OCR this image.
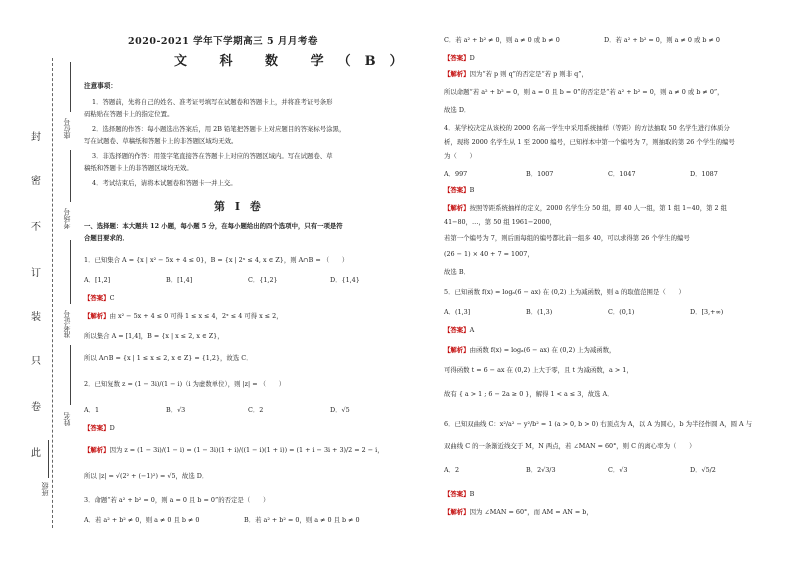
封
密
不
订
装
只
卷
此
座位号
考场号
准考证号
姓名
班级
2020-2021 学年下学期高三 5 月月考卷
文 科 数 学（B）
注意事项：
1．答题前，先将自己的姓名、准考证号填写在试题卷和答题卡上，并将准考证号条形
码粘贴在答题卡上的指定位置。
2．选择题的作答：每小题选出答案后，用 2B 铅笔把答题卡上对应题目的答案标号涂黑，
写在试题卷、草稿纸和答题卡上的非答题区域均无效。
3．非选择题的作答：用签字笔直接答在答题卡上对应的答题区域内。写在试题卷、草
稿纸和答题卡上的非答题区域均无效。
4．考试结束后，请将本试题卷和答题卡一并上交。
第 Ⅰ 卷
一、选择题：本大题共 12 小题，每小题 5 分，在每小题给出的四个选项中，只有一项是符
合题目要求的．
1．已知集合 A = {x | x² − 5x + 4 ≤ 0}，B = {x | 2ˣ ≤ 4, x ∈ Z}，则 A∩B = （　　）
A．[1,2]	B．[1,4]	C．{1,2}	D．{1,4}
【答案】C
【解析】由 x² − 5x + 4 ≤ 0 可得 1 ≤ x ≤ 4，2ˣ ≤ 4 可得 x ≤ 2，
所以集合 A = [1,4]，B = {x | x ≤ 2, x ∈ Z}，
所以 A∩B = {x | 1 ≤ x ≤ 2, x ∈ Z} = {1,2}，故选 C．
2．已知复数 z = (1 − 3i)/(1 − i)（i 为虚数单位），则 |z| = （　　）
A．1	B．√3	C．2	D．√5
【答案】D
【解析】因为 z = (1 − 3i)/(1 − i) = (1 − 3i)(1 + i)/((1 − i)(1 + i)) = (1 + i − 3i + 3)/2 = 2 − i，
所以 |z| = √(2² + (−1)²) = √5，故选 D．
3．命题“若 a² + b² = 0，则 a = 0 且 b = 0”的否定是（　　）
A．若 a² + b² ≠ 0，则 a ≠ 0 且 b ≠ 0	B．若 a² + b² = 0，则 a ≠ 0 且 b ≠ 0
C．若 a² + b² ≠ 0，则 a ≠ 0 或 b ≠ 0	D．若 a² + b² = 0，则 a ≠ 0 或 b ≠ 0
【答案】D
【解析】因为“若 p 则 q”的否定是“若 p 则非 q”，
所以命题“若 a² + b² = 0，则 a = 0 且 b = 0”的否定是“若 a² + b² = 0，则 a ≠ 0 或 b ≠ 0”，
故选 D．
4．某学校决定从该校的 2000 名高一学生中采用系统抽样（等距）的方法抽取 50 名学生进行体质分
析，现将 2000 名学生从 1 至 2000 编号，已知样本中第一个编号为 7，则抽取的第 26 个学生的编号
为（　　）
A．997	B．1007	C．1047	D．1087
【答案】B
【解析】按照等距系统抽样的定义，2000 名学生分 50 组，即 40 人一组，第 1 组 1−40，第 2 组
41−80，…，第 50 组 1961−2000，
若第一个编号为 7，则后面每组的编号都比前一组多 40，可以求得第 26 个学生的编号
(26 − 1) × 40 + 7 = 1007，
故选 B．
5．已知函数 f(x) = logₐ(6 − ax) 在 (0,2) 上为减函数，则 a 的取值范围是（　　）
A．(1,3]	B．(1,3)	C．(0,1)	D．[3,+∞)
【答案】A
【解析】由函数 f(x) = logₐ(6 − ax) 在 (0,2) 上为减函数，
可得函数 t = 6 − ax 在 (0,2) 上大于零，且 t 为减函数，a > 1，
故有 { a > 1 ; 6 − 2a ≥ 0 }，解得 1 < a ≤ 3，故选 A．
6．已知双曲线 C：x²/a² − y²/b² = 1 (a > 0, b > 0) 右顶点为 A，以 A 为圆心，b 为半径作圆 A，圆 A 与
双曲线 C 的一条渐近线交于 M，N 两点，若 ∠MAN = 60°，则 C 的离心率为（　　）
A．2	B．2√3/3	C．√3	D．√5/2
【答案】B
【解析】因为 ∠MAN = 60°，而 AM = AN = b，
